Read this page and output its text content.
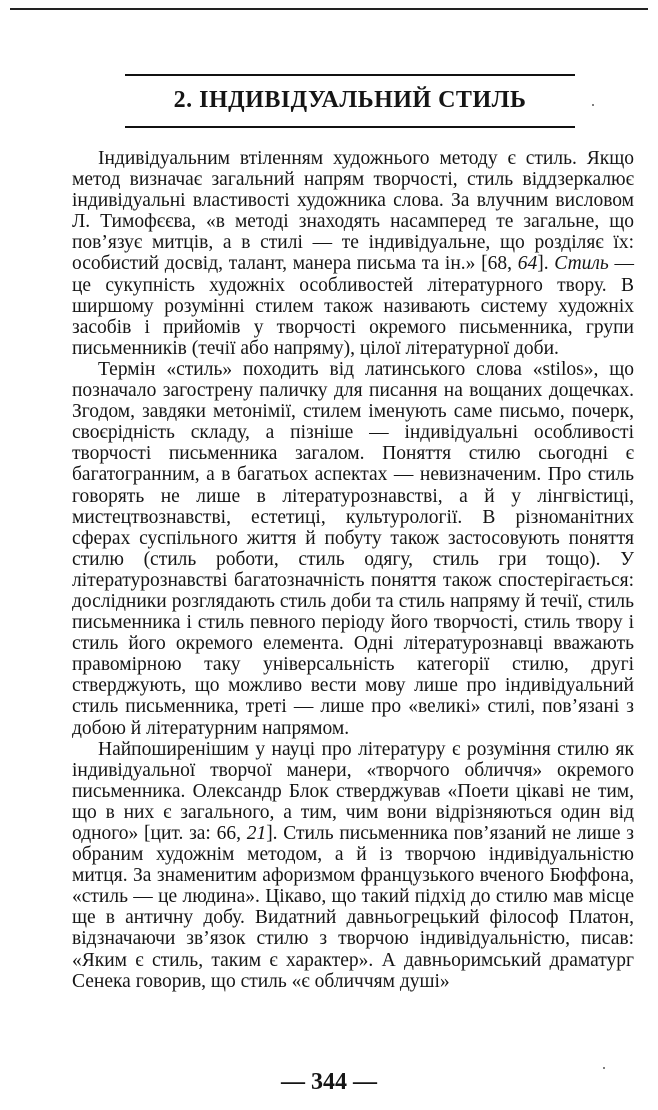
2. ІНДИВІДУАЛЬНИЙ СТИЛЬ

Індивідуальним втіленням художнього методу є стиль. Якщо метод визначає загальний напрям творчості, стиль віддзеркалює індивідуальні властивості художника слова. За влучним висловом Л. Тимофєєва, «в методі знаходять насамперед те загальне, що пов’язує митців, а в стилі — те індивідуальне, що розділяє їх: особистий досвід, талант, манера письма та ін.» [68, 64]. Стиль — це сукупність художніх особливостей літературного твору. В ширшому розумінні стилем також називають систему художніх засобів і прийомів у творчості окремого письменника, групи письменників (течії або напряму), цілої літературної доби.

Термін «стиль» походить від латинського слова «stilos», що позначало загострену паличку для писання на вощаних дощечках. Згодом, завдяки метонімії, стилем іменують саме письмо, почерк, своєрідність складу, а пізніше — індивідуальні особливості творчості письменника загалом. Поняття стилю сьогодні є багатогранним, а в багатьох аспектах — невизначеним. Про стиль говорять не лише в літературознавстві, а й у лінгвістиці, мистецтвознавстві, естетиці, культурології. В різноманітних сферах суспільного життя й побуту також застосовують поняття стилю (стиль роботи, стиль одягу, стиль гри тощо). У літературознавстві багатозначність поняття також спостерігається: дослідники розглядають стиль доби та стиль напряму й течії, стиль письменника і стиль певного періоду його творчості, стиль твору і стиль його окремого елемента. Одні літературознавці вважають правомірною таку універсальність категорії стилю, другі стверджують, що можливо вести мову лише про індивідуальний стиль письменника, треті — лише про «великі» стилі, пов’язані з добою й літературним напрямом.

Найпоширенішим у науці про літературу є розуміння стилю як індивідуальної творчої манери, «творчого обличчя» окремого письменника. Олександр Блок стверджував «Поети цікаві не тим, що в них є загального, а тим, чим вони відрізняються один від одного» [цит. за: 66, 21]. Стиль письменника пов’язаний не лише з обраним художнім методом, а й із творчою індивідуальністю митця. За знаменитим афоризмом французького вченого Бюффона, «стиль — це людина». Цікаво, що такий підхід до стилю мав місце ще в античну добу. Видатний давньогрецький філософ Платон, відзначаючи зв’язок стилю з творчою індивідуальністю, писав: «Яким є стиль, таким є характер». А давньоримський драматург Сенека говорив, що стиль «є обличчям душі»

— 344 —
